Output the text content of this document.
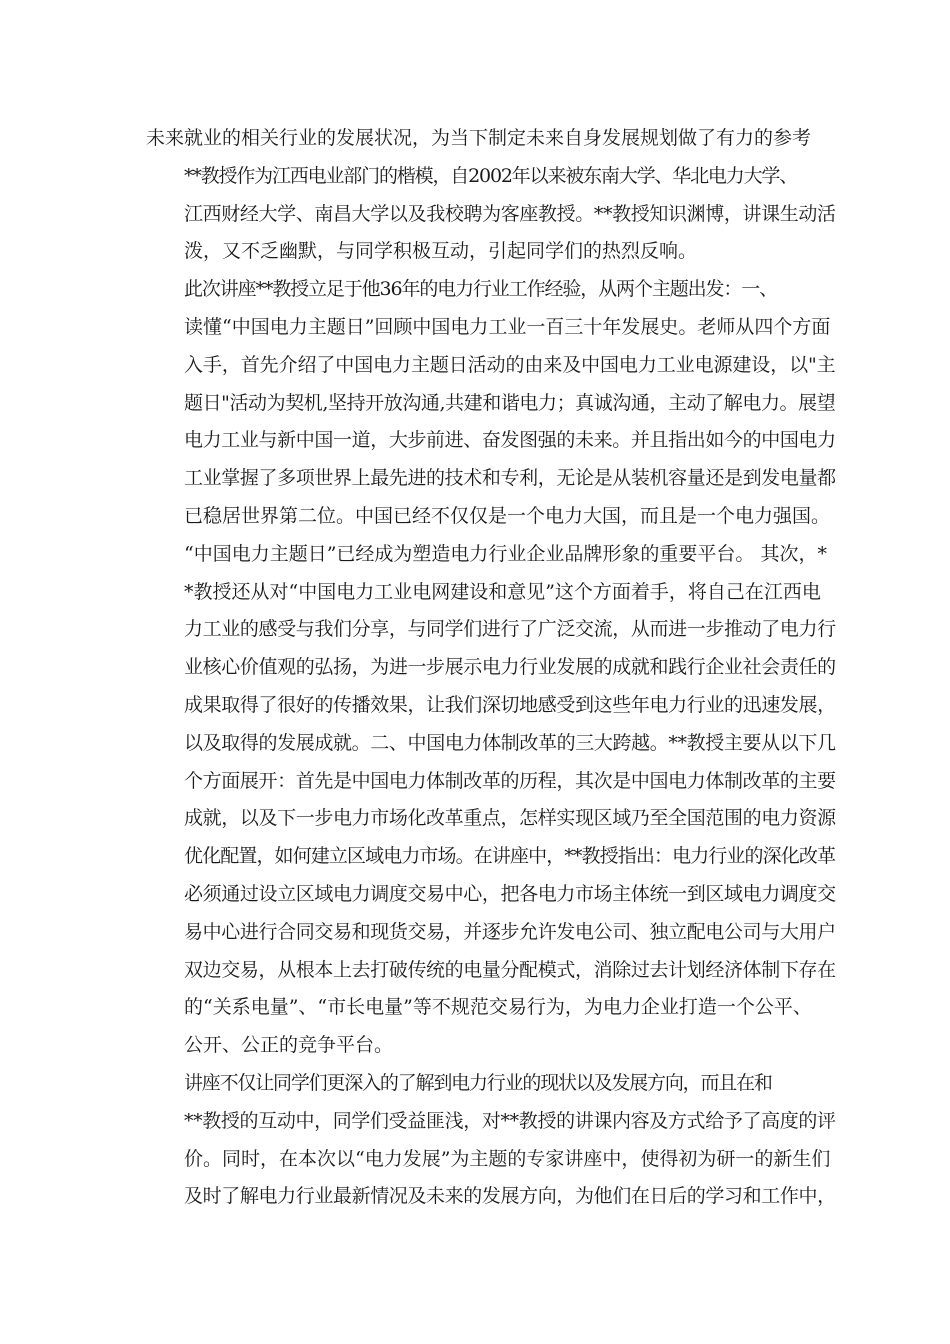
未来就业的相关行业的发展状况，为当下制定未来自身发展规划做了有力的参考
**教授作为江西电业部门的楷模，自2002年以来被东南大学、华北电力大学、
江西财经大学、南昌大学以及我校聘为客座教授。**教授知识渊博，讲课生动活
泼，又不乏幽默，与同学积极互动，引起同学们的热烈反响。
此次讲座**教授立足于他36年的电力行业工作经验，从两个主题出发：一、
读懂“中国电力主题日”回顾中国电力工业一百三十年发展史。老师从四个方面
入手，首先介绍了中国电力主题日活动的由来及中国电力工业电源建设，以"主
题日"活动为契机,坚持开放沟通,共建和谐电力；真诚沟通，主动了解电力。展望
电力工业与新中国一道，大步前进、奋发图强的未来。并且指出如今的中国电力
工业掌握了多项世界上最先进的技术和专利，无论是从装机容量还是到发电量都
已稳居世界第二位。中国已经不仅仅是一个电力大国，而且是一个电力强国。
“中国电力主题日”已经成为塑造电力行业企业品牌形象的重要平台。 其次，*
*教授还从对“中国电力工业电网建设和意见”这个方面着手，将自己在江西电
力工业的感受与我们分享，与同学们进行了广泛交流，从而进一步推动了电力行
业核心价值观的弘扬，为进一步展示电力行业发展的成就和践行企业社会责任的
成果取得了很好的传播效果，让我们深切地感受到这些年电力行业的迅速发展，
以及取得的发展成就。二、中国电力体制改革的三大跨越。**教授主要从以下几
个方面展开：首先是中国电力体制改革的历程，其次是中国电力体制改革的主要
成就，以及下一步电力市场化改革重点，怎样实现区域乃至全国范围的电力资源
优化配置，如何建立区域电力市场。在讲座中，**教授指出：电力行业的深化改革
必须通过设立区域电力调度交易中心，把各电力市场主体统一到区域电力调度交
易中心进行合同交易和现货交易，并逐步允许发电公司、独立配电公司与大用户
双边交易，从根本上去打破传统的电量分配模式，消除过去计划经济体制下存在
的“关系电量”、“市长电量”等不规范交易行为，为电力企业打造一个公平、
公开、公正的竞争平台。
讲座不仅让同学们更深入的了解到电力行业的现状以及发展方向，而且在和
**教授的互动中，同学们受益匪浅，对**教授的讲课内容及方式给予了高度的评
价。同时，在本次以“电力发展”为主题的专家讲座中，使得初为研一的新生们
及时了解电力行业最新情况及未来的发展方向，为他们在日后的学习和工作中，
